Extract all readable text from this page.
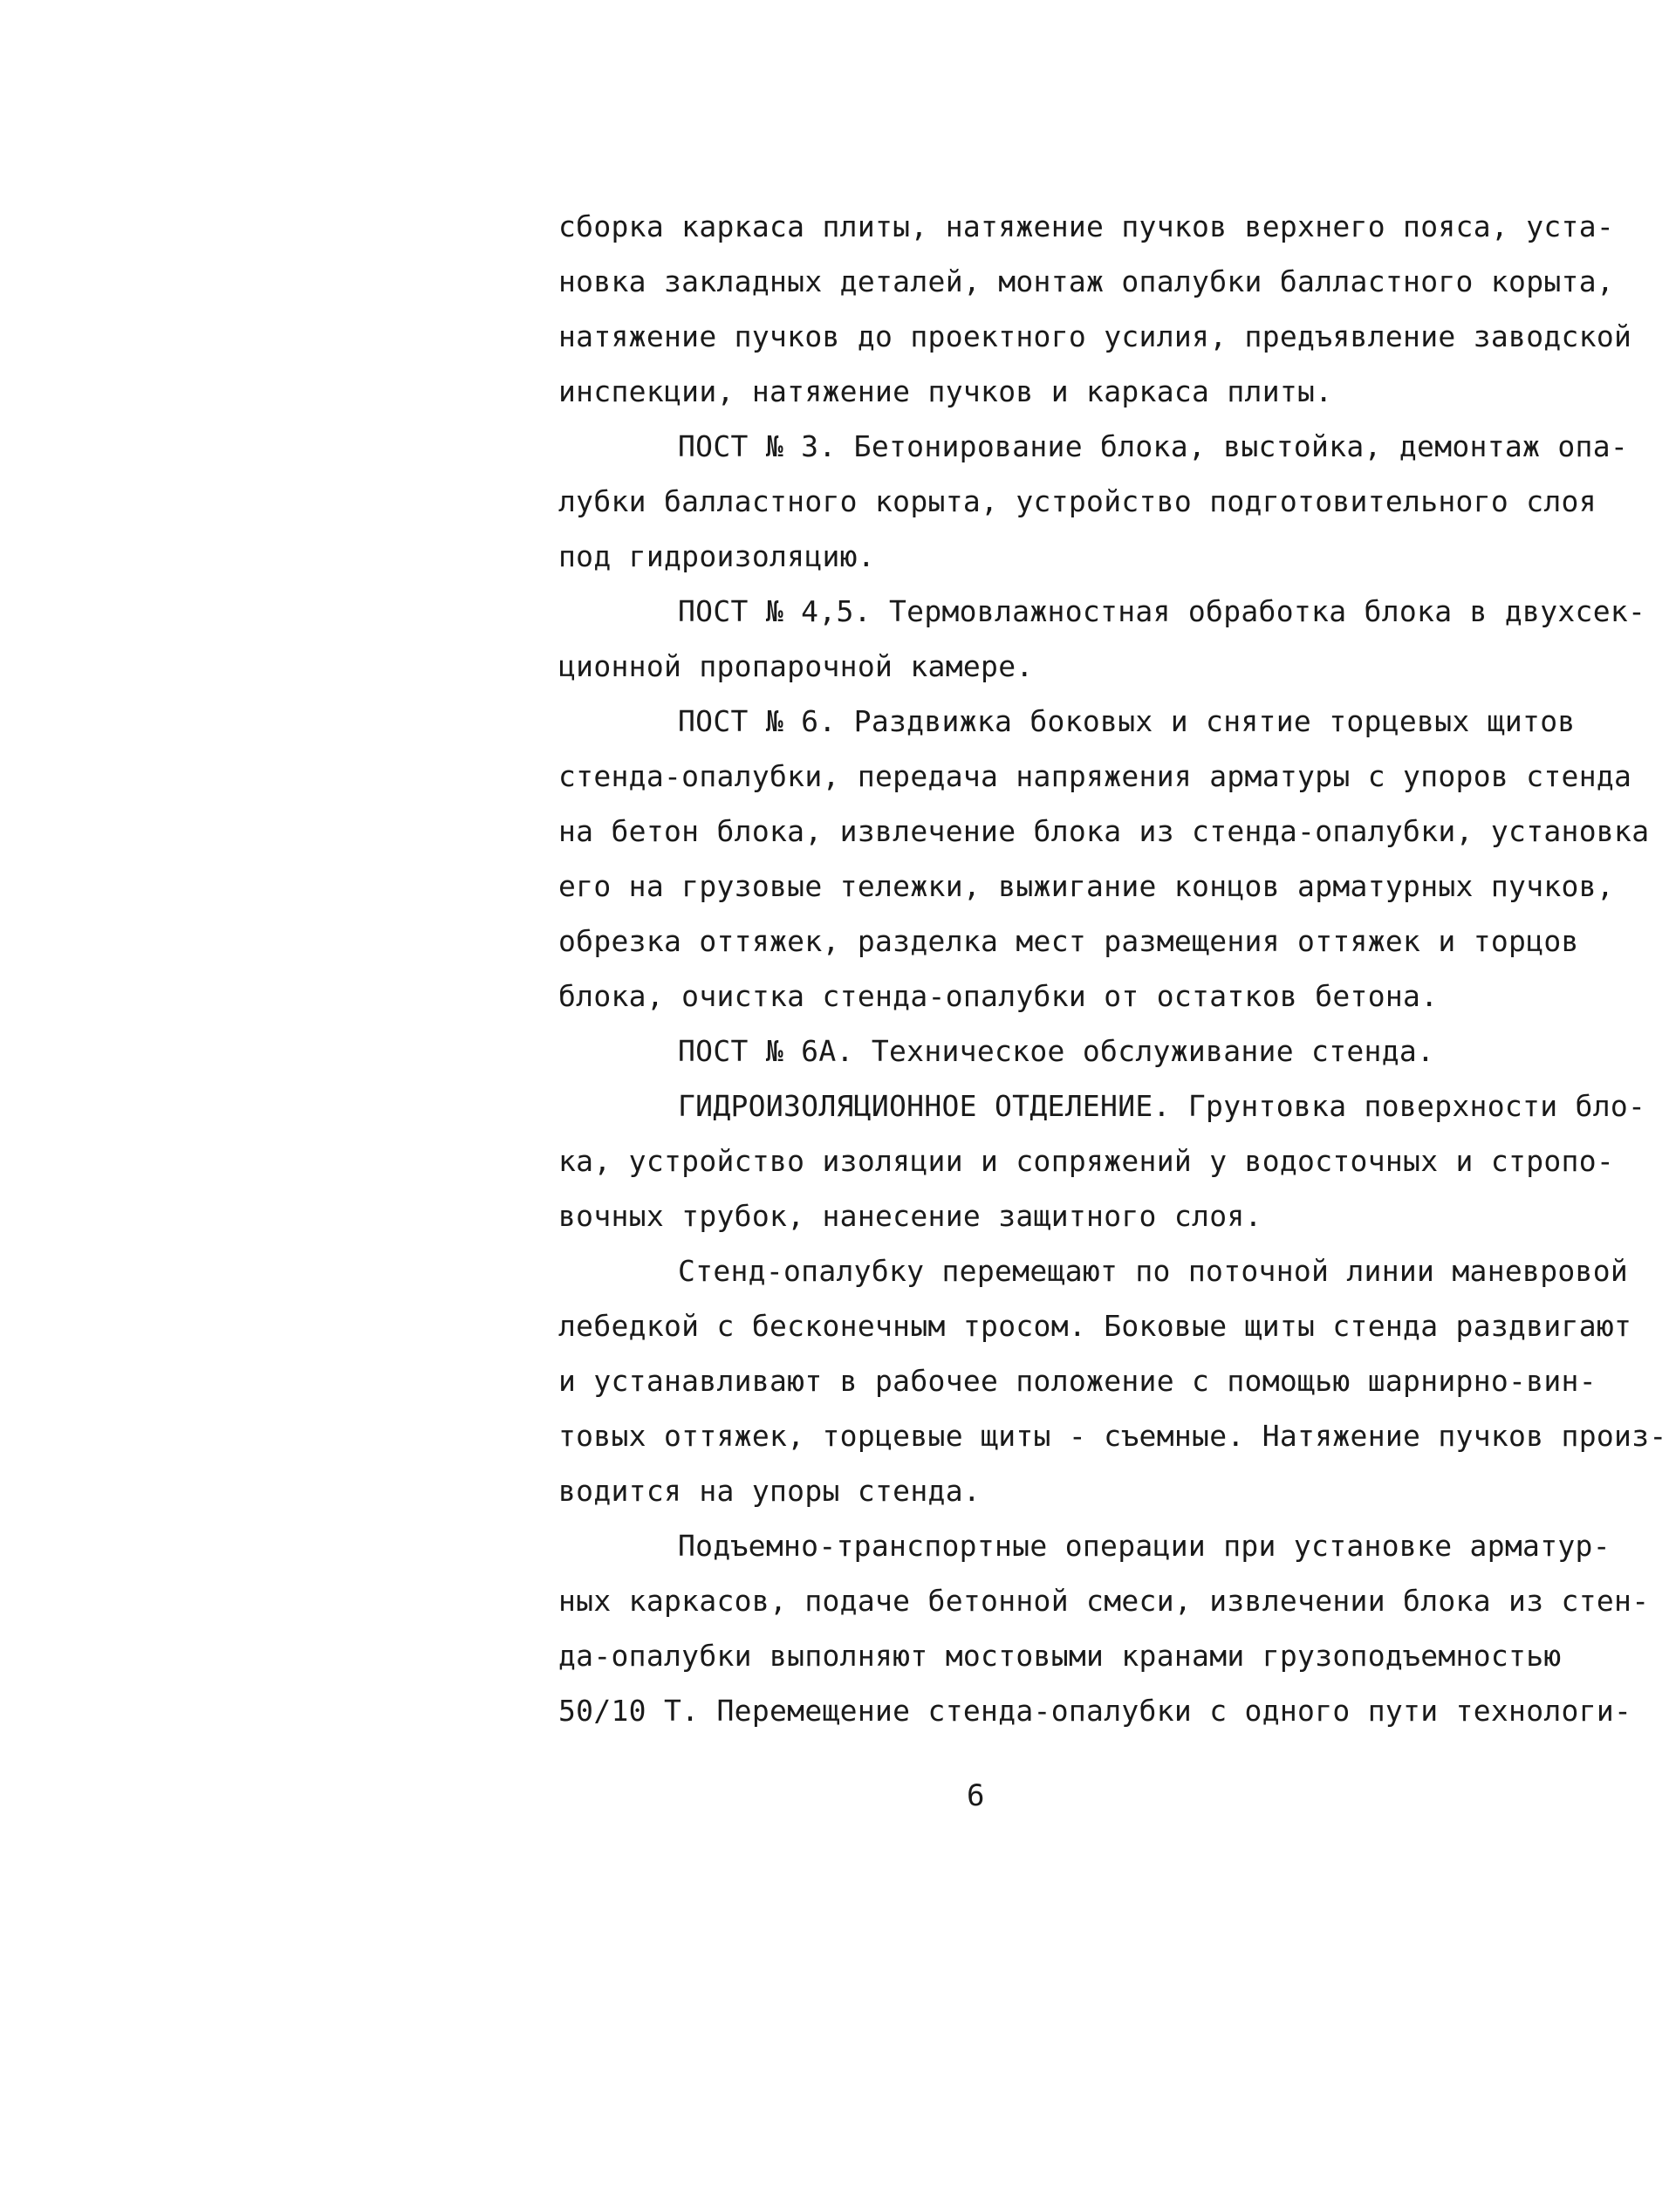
сборка каркаса плиты, натяжение пучков верхнего пояса, уста-
новка закладных деталей, монтаж опалубки балластного корыта,
натяжение пучков до проектного усилия, предъявление заводской
инспекции, натяжение пучков и каркаса плиты.
ПОСТ № 3. Бетонирование блока, выстойка, демонтаж опа-
лубки балластного корыта, устройство подготовительного слоя
под гидроизоляцию.
ПОСТ № 4,5. Термовлажностная обработка блока в двухсек-
ционной пропарочной камере.
ПОСТ № 6. Раздвижка боковых и снятие торцевых щитов
стенда-опалубки, передача напряжения арматуры с упоров стенда
на бетон блока, извлечение блока из стенда-опалубки, установка
его на грузовые тележки, выжигание концов арматурных пучков,
обрезка оттяжек, разделка мест размещения оттяжек и торцов
блока, очистка стенда-опалубки от остатков бетона.
ПОСТ № 6А. Техническое обслуживание стенда.
ГИДРОИЗОЛЯЦИОННОЕ ОТДЕЛЕНИЕ. Грунтовка поверхности бло-
ка, устройство изоляции и сопряжений у водосточных и стропо-
вочных трубок, нанесение защитного слоя.
Стенд-опалубку перемещают по поточной линии маневровой
лебедкой с бесконечным тросом. Боковые щиты стенда раздвигают
и устанавливают в рабочее положение с помощью шарнирно-вин-
товых оттяжек, торцевые щиты - съемные. Натяжение пучков произ-
водится на упоры стенда.
Подъемно-транспортные операции при установке арматур-
ных каркасов, подаче бетонной смеси, извлечении блока из стен-
да-опалубки выполняют мостовыми кранами грузоподъемностью
50/10 Т. Перемещение стенда-опалубки с одного пути технологи-
6
